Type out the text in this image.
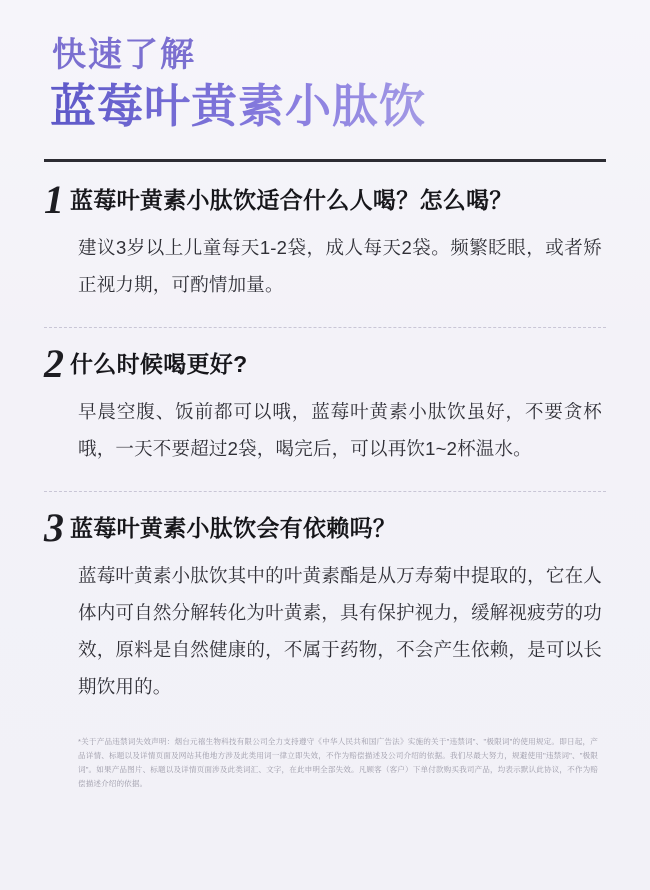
快速了解
蓝莓叶黄素小肽饮
1 蓝莓叶黄素小肽饮适合什么人喝？怎么喝？
建议3岁以上儿童每天1-2袋，成人每天2袋。频繁眨眼，或者矫正视力期，可酌情加量。
2 什么时候喝更好?
早晨空腹、饭前都可以哦，蓝莓叶黄素小肽饮虽好，不要贪杯哦，一天不要超过2袋，喝完后，可以再饮1~2杯温水。
3 蓝莓叶黄素小肽饮会有依赖吗？
蓝莓叶黄素小肽饮其中的叶黄素酯是从万寿菊中提取的，它在人体内可自然分解转化为叶黄素，具有保护视力，缓解视疲劳的功效，原料是自然健康的，不属于药物，不会产生依赖，是可以长期饮用的。
*关于产品违禁词失效声明：烟台元禧生物科技有限公司全力支持遵守《中华人民共和国广告法》实施的关于"违禁词"、"极限词"的使用规定。即日起，产品详情、标题以及详情页面及网站其他地方涉及此类用词一律立即失效，不作为赔偿描述及公司介绍的依据。我们尽最大努力，规避使用"违禁词"、"极限词"。如果产品图片、标题以及详情页面涉及此类词汇、文字，在此申明全部失效。凡顾客（客户）下单付款购买我司产品，均表示默认此协议，不作为赔偿描述介绍的依据。
